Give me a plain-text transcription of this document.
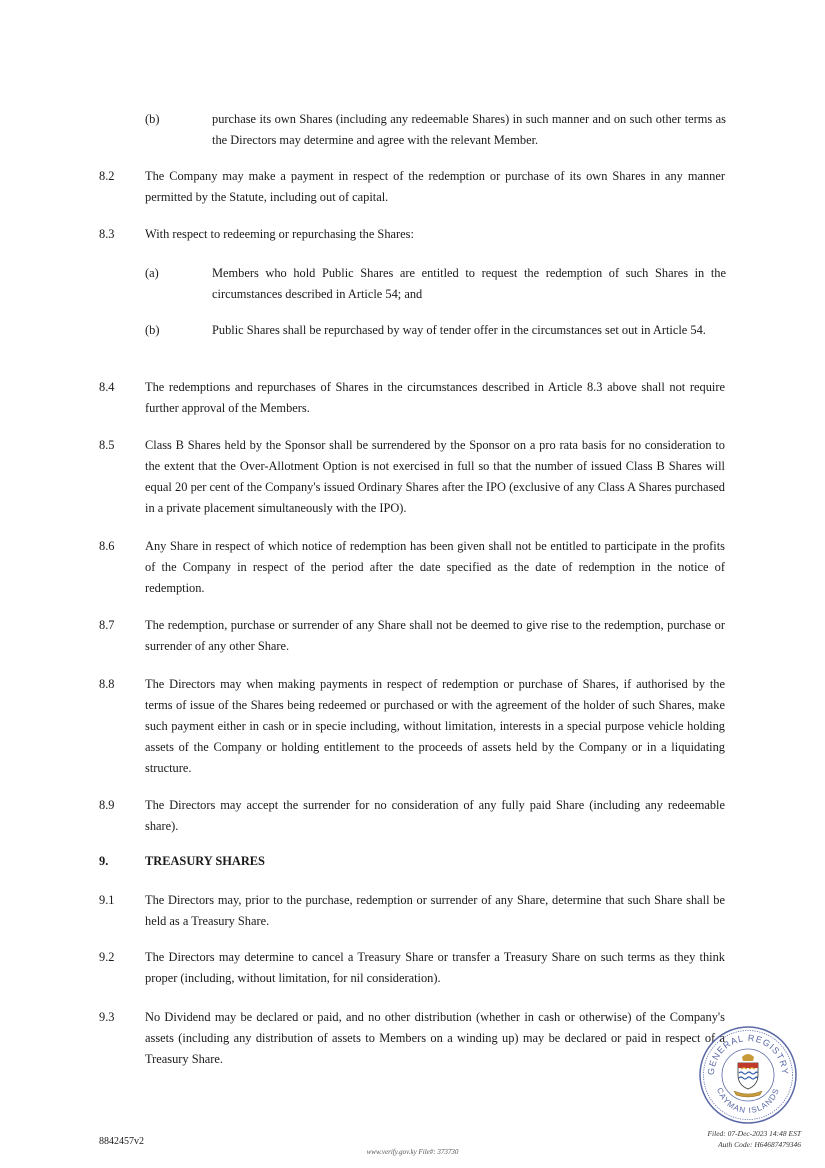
(b)	purchase its own Shares (including any redeemable Shares) in such manner and on such other terms as the Directors may determine and agree with the relevant Member.
8.2 The Company may make a payment in respect of the redemption or purchase of its own Shares in any manner permitted by the Statute, including out of capital.
8.3 With respect to redeeming or repurchasing the Shares:
(a)	Members who hold Public Shares are entitled to request the redemption of such Shares in the circumstances described in Article 54; and
(b)	Public Shares shall be repurchased by way of tender offer in the circumstances set out in Article 54.
8.4 The redemptions and repurchases of Shares in the circumstances described in Article 8.3 above shall not require further approval of the Members.
8.5 Class B Shares held by the Sponsor shall be surrendered by the Sponsor on a pro rata basis for no consideration to the extent that the Over-Allotment Option is not exercised in full so that the number of issued Class B Shares will equal 20 per cent of the Company's issued Ordinary Shares after the IPO (exclusive of any Class A Shares purchased in a private placement simultaneously with the IPO).
8.6 Any Share in respect of which notice of redemption has been given shall not be entitled to participate in the profits of the Company in respect of the period after the date specified as the date of redemption in the notice of redemption.
8.7 The redemption, purchase or surrender of any Share shall not be deemed to give rise to the redemption, purchase or surrender of any other Share.
8.8 The Directors may when making payments in respect of redemption or purchase of Shares, if authorised by the terms of issue of the Shares being redeemed or purchased or with the agreement of the holder of such Shares, make such payment either in cash or in specie including, without limitation, interests in a special purpose vehicle holding assets of the Company or holding entitlement to the proceeds of assets held by the Company or in a liquidating structure.
8.9 The Directors may accept the surrender for no consideration of any fully paid Share (including any redeemable share).
9.	TREASURY SHARES
9.1 The Directors may, prior to the purchase, redemption or surrender of any Share, determine that such Share shall be held as a Treasury Share.
9.2 The Directors may determine to cancel a Treasury Share or transfer a Treasury Share on such terms as they think proper (including, without limitation, for nil consideration).
9.3 No Dividend may be declared or paid, and no other distribution (whether in cash or otherwise) of the Company's assets (including any distribution of assets to Members on a winding up) may be declared or paid in respect of a Treasury Share.
GENERAL REGISTRY
CAYMAN ISLANDS
8842457v2
www.verify.gov.ky File#: 373730
Filed: 07-Dec-2023 14:48 EST
Auth Code: H64687479346
